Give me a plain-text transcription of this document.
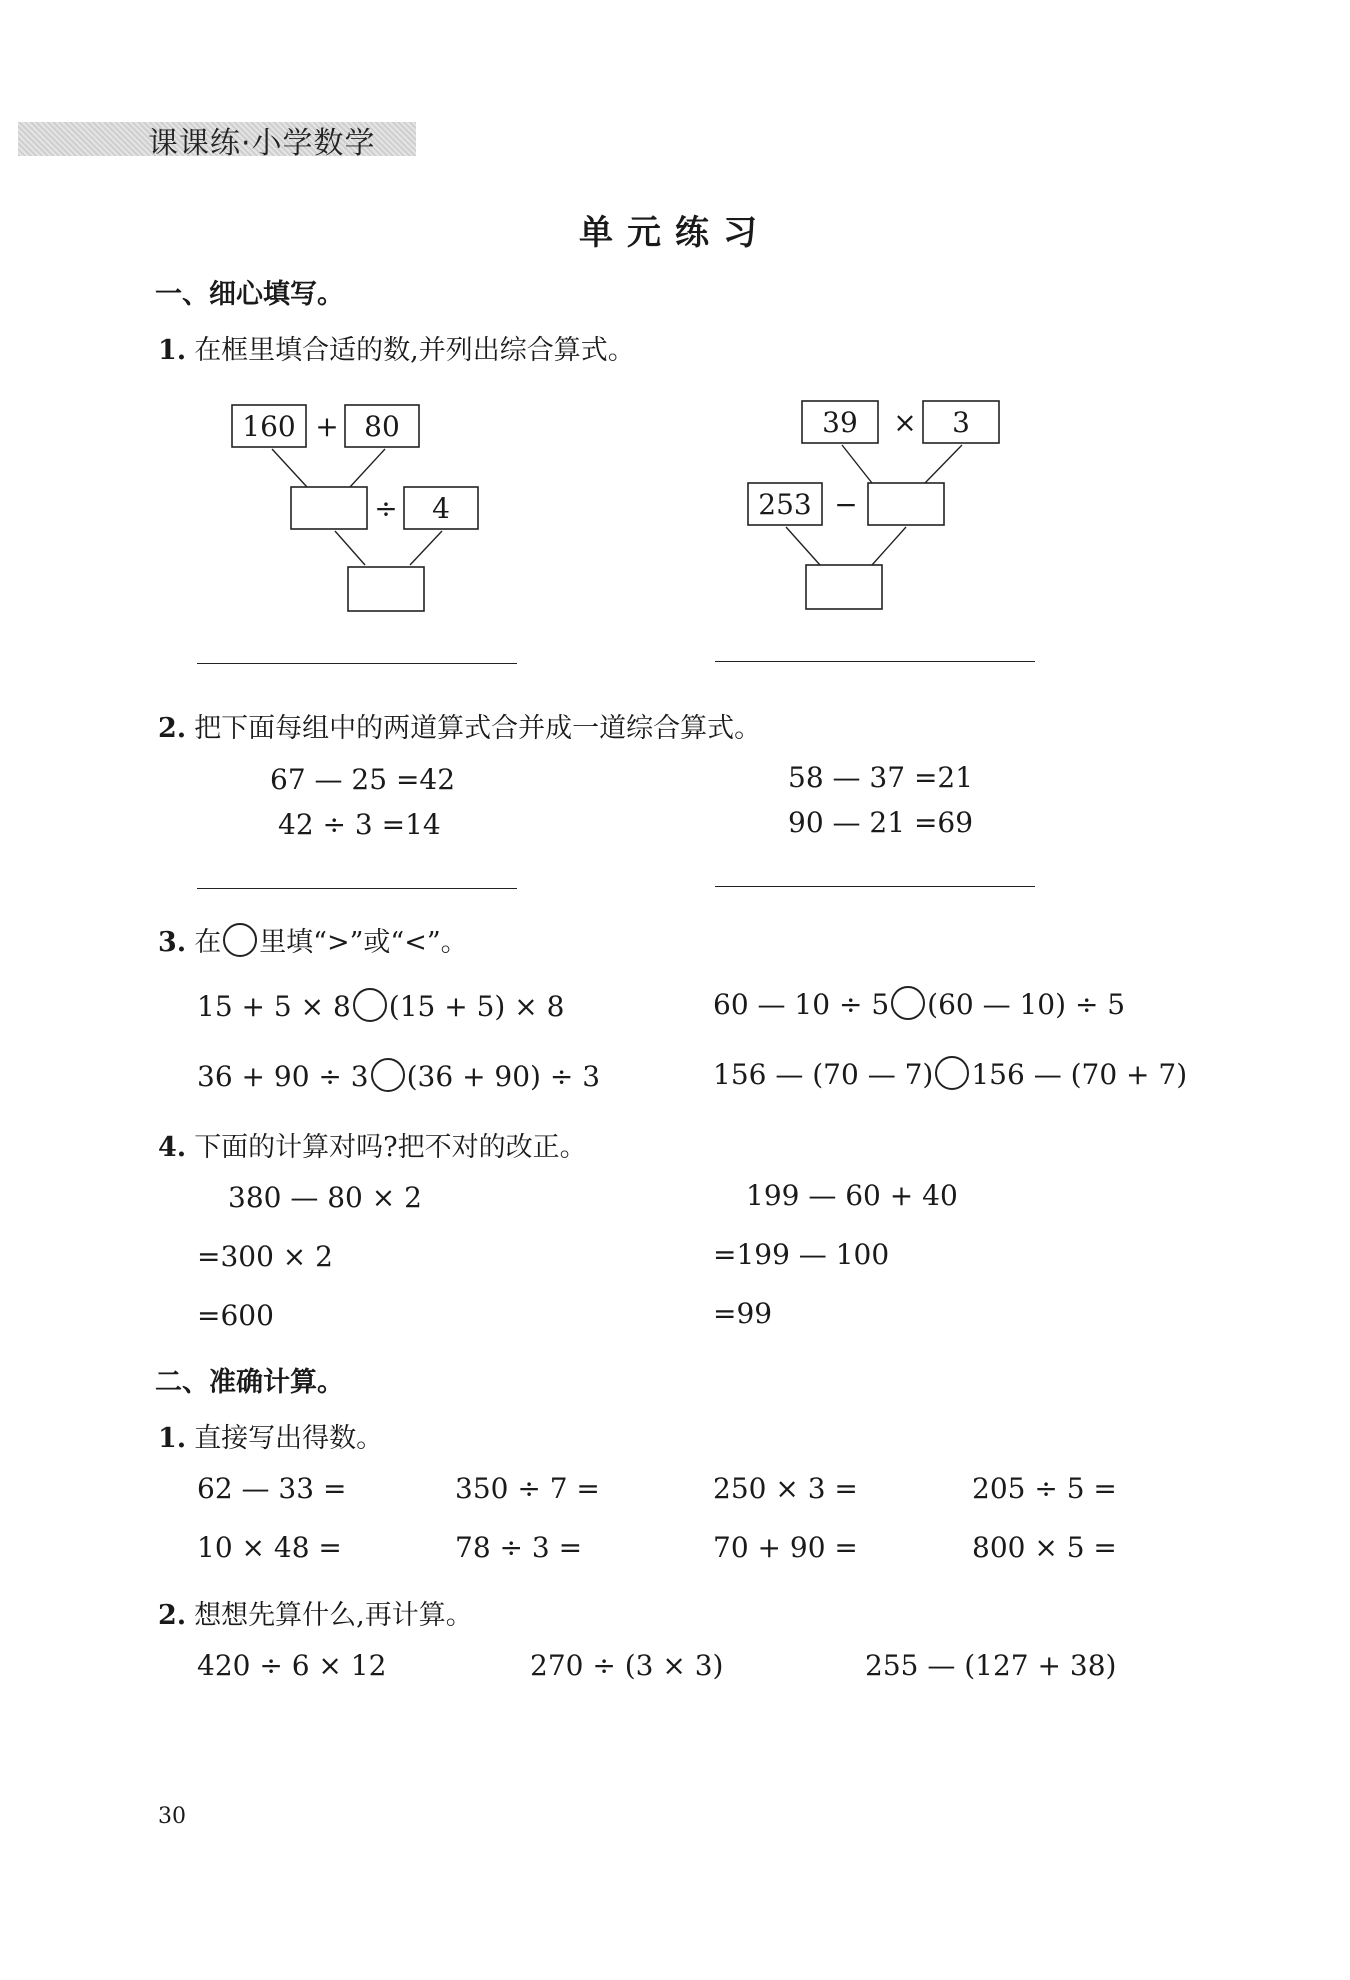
课课练·小学数学
单元练习
一、细心填写。
1. 在框里填合适的数,并列出综合算式。
160 + 80
÷ 4
39 × 3
253 −
2. 把下面每组中的两道算式合并成一道综合算式。
67 — 25 =42
42 ÷ 3 =14
58 — 37 =21
90 — 21 =69
3. 在 里填“>”或“<”。
15 + 5 × 8 (15 + 5) × 8	60 — 10 ÷ 5 (60 — 10) ÷ 5
36 + 90 ÷ 3 (36 + 90) ÷ 3	156 — (70 — 7) 156 — (70 + 7)
4. 下面的计算对吗?把不对的改正。
380 — 80 × 2
=300 × 2
=600
199 — 60 + 40
=199 — 100
=99
二、准确计算。
1. 直接写出得数。
62 — 33 =	350 ÷ 7 =	250 × 3 =	205 ÷ 5 =
10 × 48 =	78 ÷ 3 =	70 + 90 =	800 × 5 =
2. 想想先算什么,再计算。
420 ÷ 6 × 12	270 ÷ (3 × 3)	255 — (127 + 38)
30
